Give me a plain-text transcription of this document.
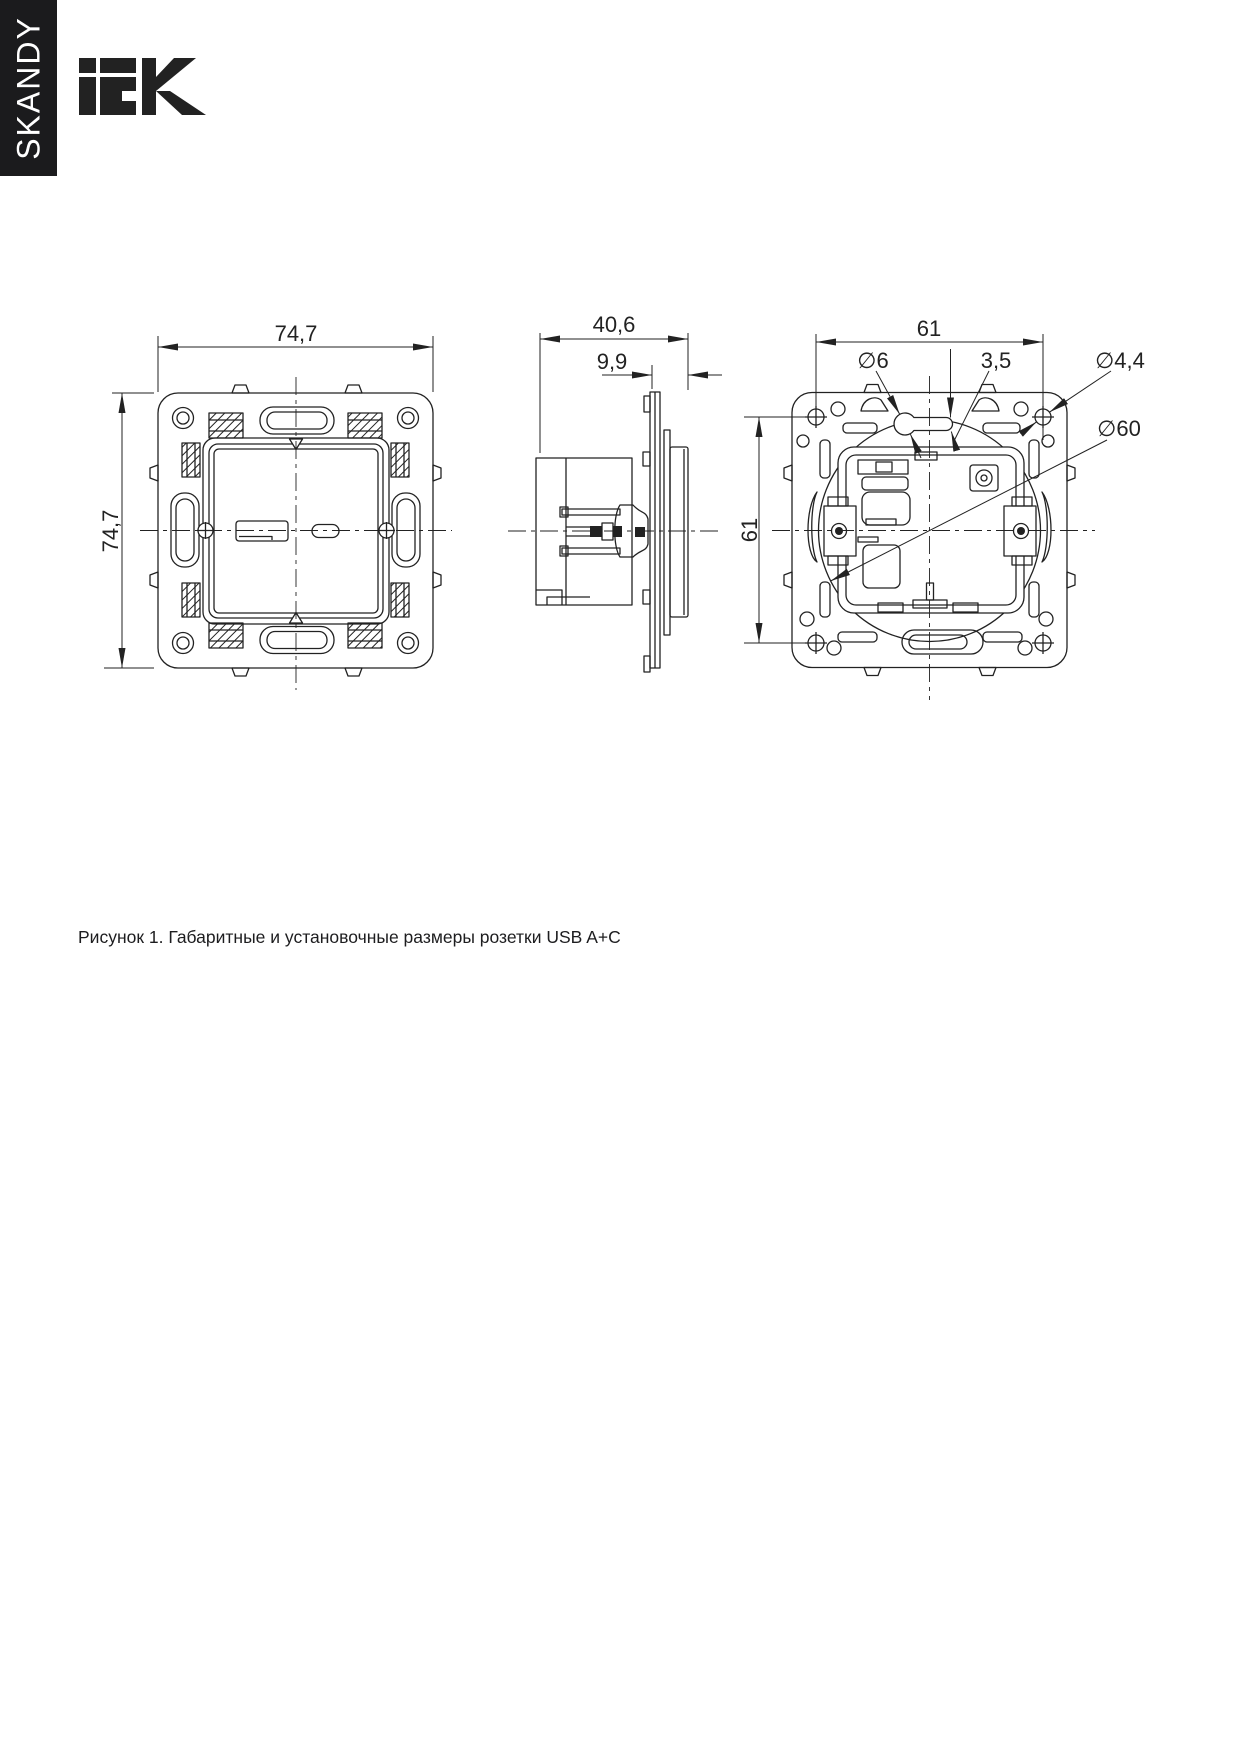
SKANDY
74,7
74,7
40,6
9,9
61
61
∅6	3,5	∅4,4
∅60
Рисунок 1. Габаритные и установочные размеры розетки USB A+C
